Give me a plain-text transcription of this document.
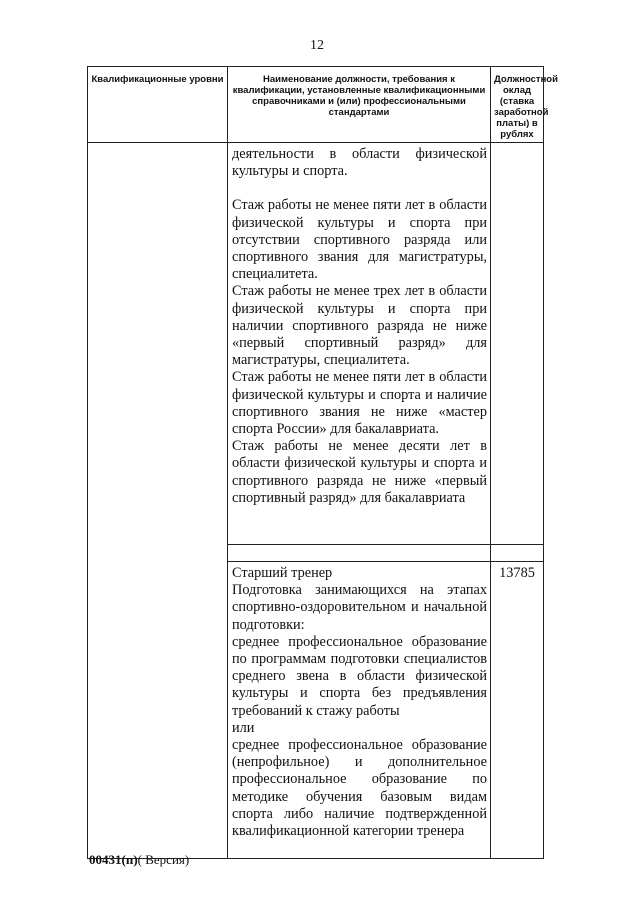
12
Квалификационные уровни	Наименование должности, требования к квалификации, установленные квалификационными справочниками и (или) профессиональными стандартами	Должностной оклад (ставка заработной платы) в рублях

	деятельности в области физической культуры и спорта.

Стаж работы не менее пяти лет в области физической культуры и спорта при отсутствии спортивного разряда или спортивного звания для магистратуры, специалитета.

Стаж работы не менее трех лет в области физической культуры и спорта при наличии спортивного разряда не ниже «первый спортивный разряд» для магистратуры, специалитета.

Стаж работы не менее пяти лет в области физической культуры и спорта и наличие спортивного звания не ниже «мастер спорта России» для бакалавриата.

Стаж работы не менее десяти лет в области физической культуры и спорта и спортивного разряда не ниже «первый спортивный разряд» для бакалавриата	

	Старший тренер

Подготовка занимающихся на этапах спортивно-оздоровительном и начальной подготовки:

среднее профессиональное образование по программам подготовки специалистов среднего звена в области физической культуры и спорта без предъявления требований к стажу работы

или

среднее профессиональное образование (непрофильное) и дополнительное профессиональное образование по методике обучения базовым видам спорта либо наличие подтвержденной квалификационной категории тренера	13785
00431(п)( Версия)
